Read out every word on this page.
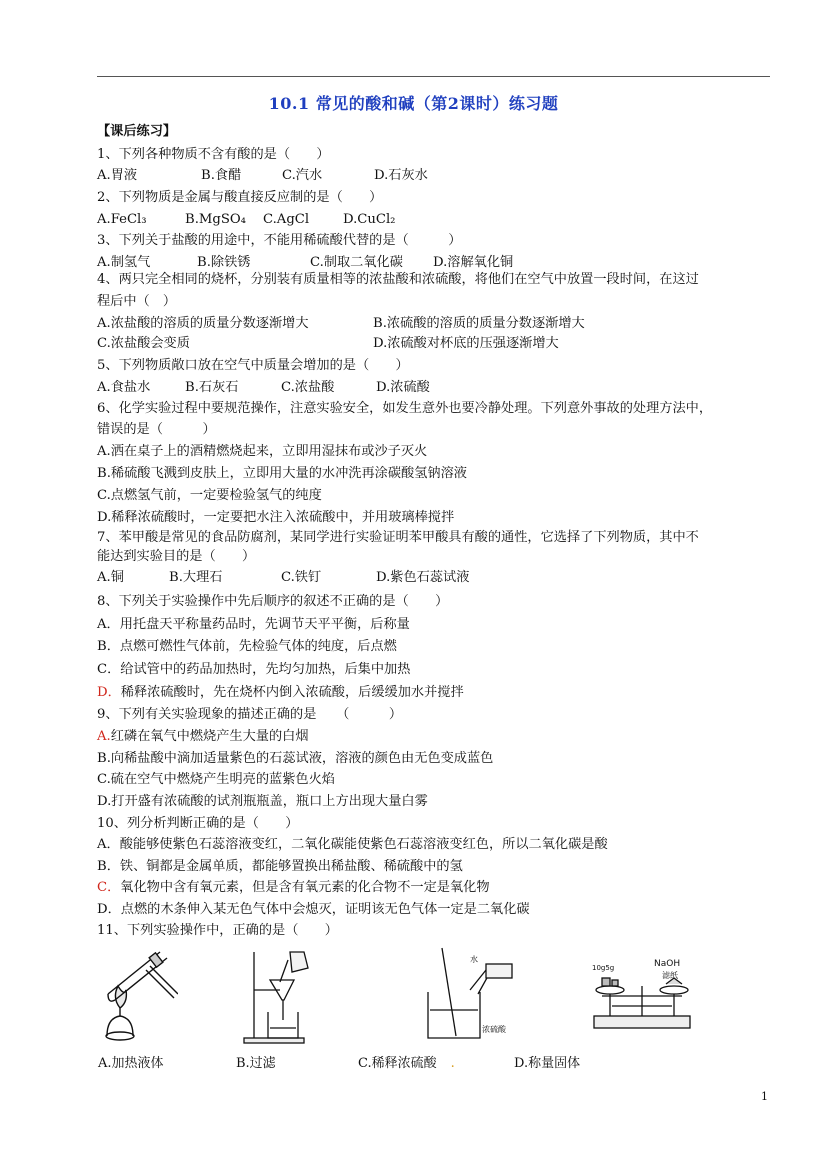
10.1 常见的酸和碱（第2课时）练习题
【课后练习】
1、下列各种物质不含有酸的是（　　）
A.胃液	B.食醋	C.汽水	D.石灰水
2、下列物质是金属与酸直接反应制的是（　　）
A.FeCl₃	B.MgSO₄ C.AgCl	D.CuCl₂
3、下列关于盐酸的用途中，不能用稀硫酸代替的是（　　　）
A.制氢气	B.除铁锈	C.制取二氧化碳 D.溶解氧化铜
4、两只完全相同的烧杯，分别装有质量相等的浓盐酸和浓硫酸，将他们在空气中放置一段时间，在这过
程后中（　）
A.浓盐酸的溶质的质量分数逐渐增大	B.浓硫酸的溶质的质量分数逐渐增大
C.浓盐酸会变质	D.浓硫酸对杯底的压强逐渐增大
5、下列物质敞口放在空气中质量会增加的是（　　）
A.食盐水	B.石灰石	C.浓盐酸	D.浓硫酸
6、化学实验过程中要规范操作，注意实验安全，如发生意外也要冷静处理。下列意外事故的处理方法中，
错误的是（　　　）
A.洒在桌子上的酒精燃烧起来，立即用湿抹布或沙子灭火
B.稀硫酸飞溅到皮肤上，立即用大量的水冲洗再涂碳酸氢钠溶液
C.点燃氢气前，一定要检验氢气的纯度
D.稀释浓硫酸时，一定要把水注入浓硫酸中，并用玻璃棒搅拌
7、苯甲酸是常见的食品防腐剂，某同学进行实验证明苯甲酸具有酸的通性，它选择了下列物质，其中不
能达到实验目的是（　　）
A.铜	B.大理石	C.铁钉	D.紫色石蕊试液
8、下列关于实验操作中先后顺序的叙述不正确的是（　　）
A．用托盘天平称量药品时，先调节天平平衡，后称量
B．点燃可燃性气体前，先检验气体的纯度，后点燃
C．给试管中的药品加热时，先均匀加热，后集中加热
D．稀释浓硫酸时，先在烧杯内倒入浓硫酸，后缓缓加水并搅拌
9、下列有关实验现象的描述正确的是　　（　　　）
A.红磷在氧气中燃烧产生大量的白烟
B.向稀盐酸中滴加适量紫色的石蕊试液，溶液的颜色由无色变成蓝色
C.硫在空气中燃烧产生明亮的蓝紫色火焰
D.打开盛有浓硫酸的试剂瓶瓶盖，瓶口上方出现大量白雾
10、列分析判断正确的是（　　）
A．酸能够使紫色石蕊溶液变红，二氧化碳能使紫色石蕊溶液变红色，所以二氧化碳是酸
B．铁、铜都是金属单质，都能够置换出稀盐酸、稀硫酸中的氢
C．氧化物中含有氧元素，但是含有氧元素的化合物不一定是氧化物
D．点燃的木条伸入某无色气体中会熄灭，证明该无色气体一定是二氧化碳
11、下列实验操作中，正确的是（　　）
水
浓硫酸
10g5g	NaOH
滤纸
A.加热液体	B.过滤	C.稀释浓硫酸 .	D.称量固体
1
